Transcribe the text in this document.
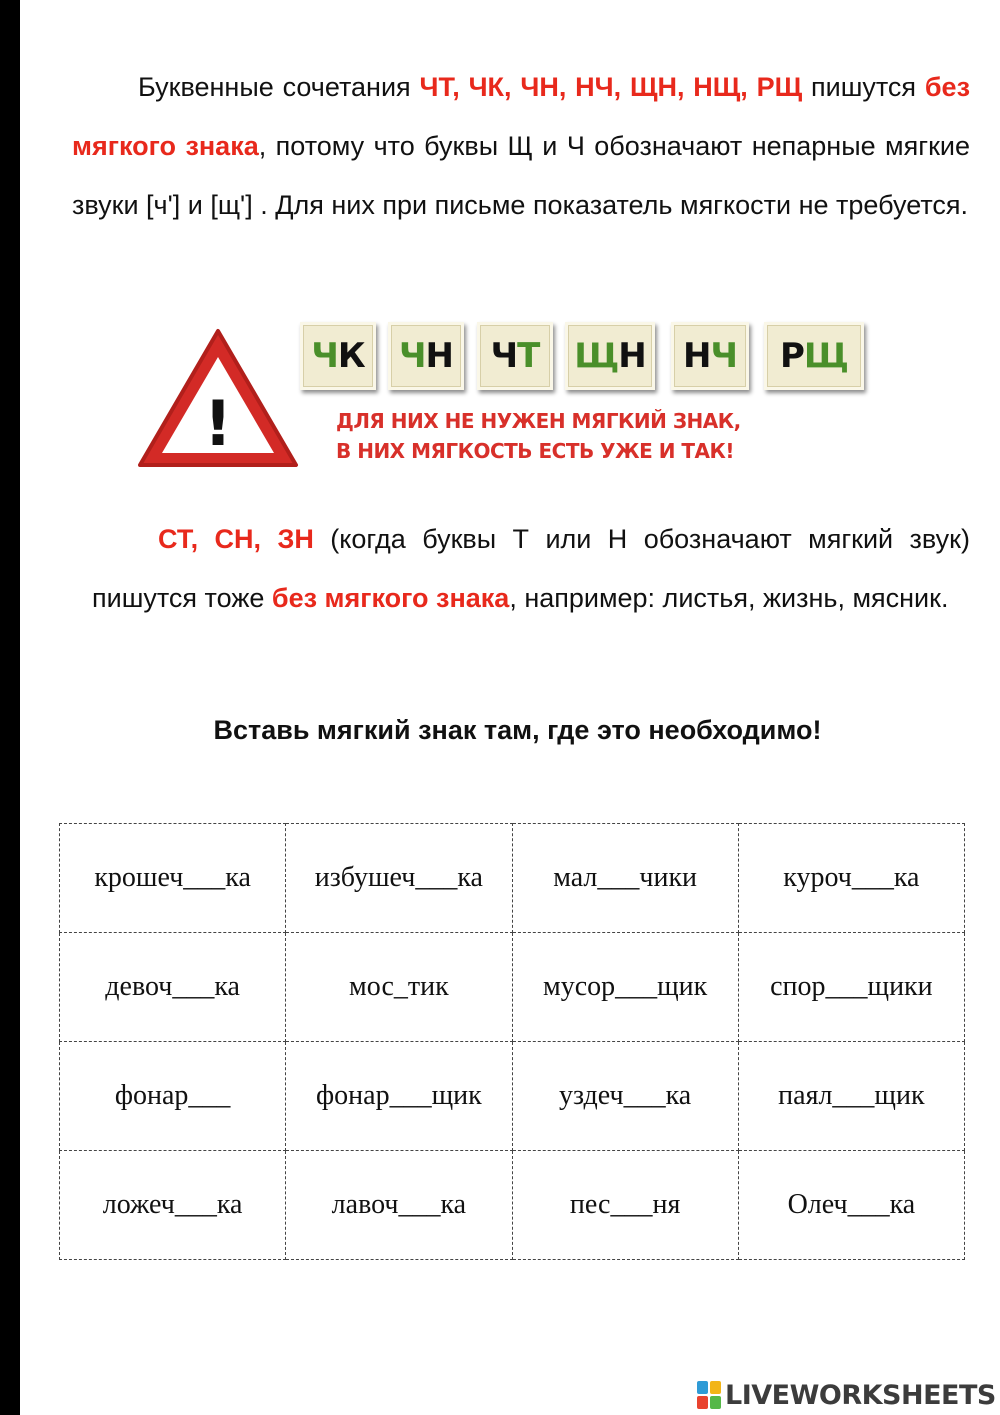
Буквенные сочетания ЧТ, ЧК, ЧН, НЧ, ЩН, НЩ, РЩ пишутся без мягкого знака, потому что буквы Щ и Ч обозначают непарные мягкие звуки [ч'] и [щ'] . Для них при письме показатель мягкости не требуется.
!
Ч К Ч Н Ч Т Щ Н Н Ч Р Щ
ДЛЯ НИХ НЕ НУЖЕН МЯГКИЙ ЗНАК,
В НИХ МЯГКОСТЬ ЕСТЬ УЖЕ И ТАК!
СТ, СН, ЗН (когда буквы Т или Н обозначают мягкий звук) пишутся тоже без мягкого знака, например: листья, жизнь, мясник.
Вставь мягкий знак там, где это необходимо!
крошеч___ка	избушеч___ка	мал___чики	куроч___ка
девоч___ка	мос_тик	мусор___щик	спор___щики
фонар___	фонар___щик	уздеч___ка	паял___щик
ложеч___ка	лавоч___ка	пес___ня	Олеч___ка
LIVEWORKSHEETS
